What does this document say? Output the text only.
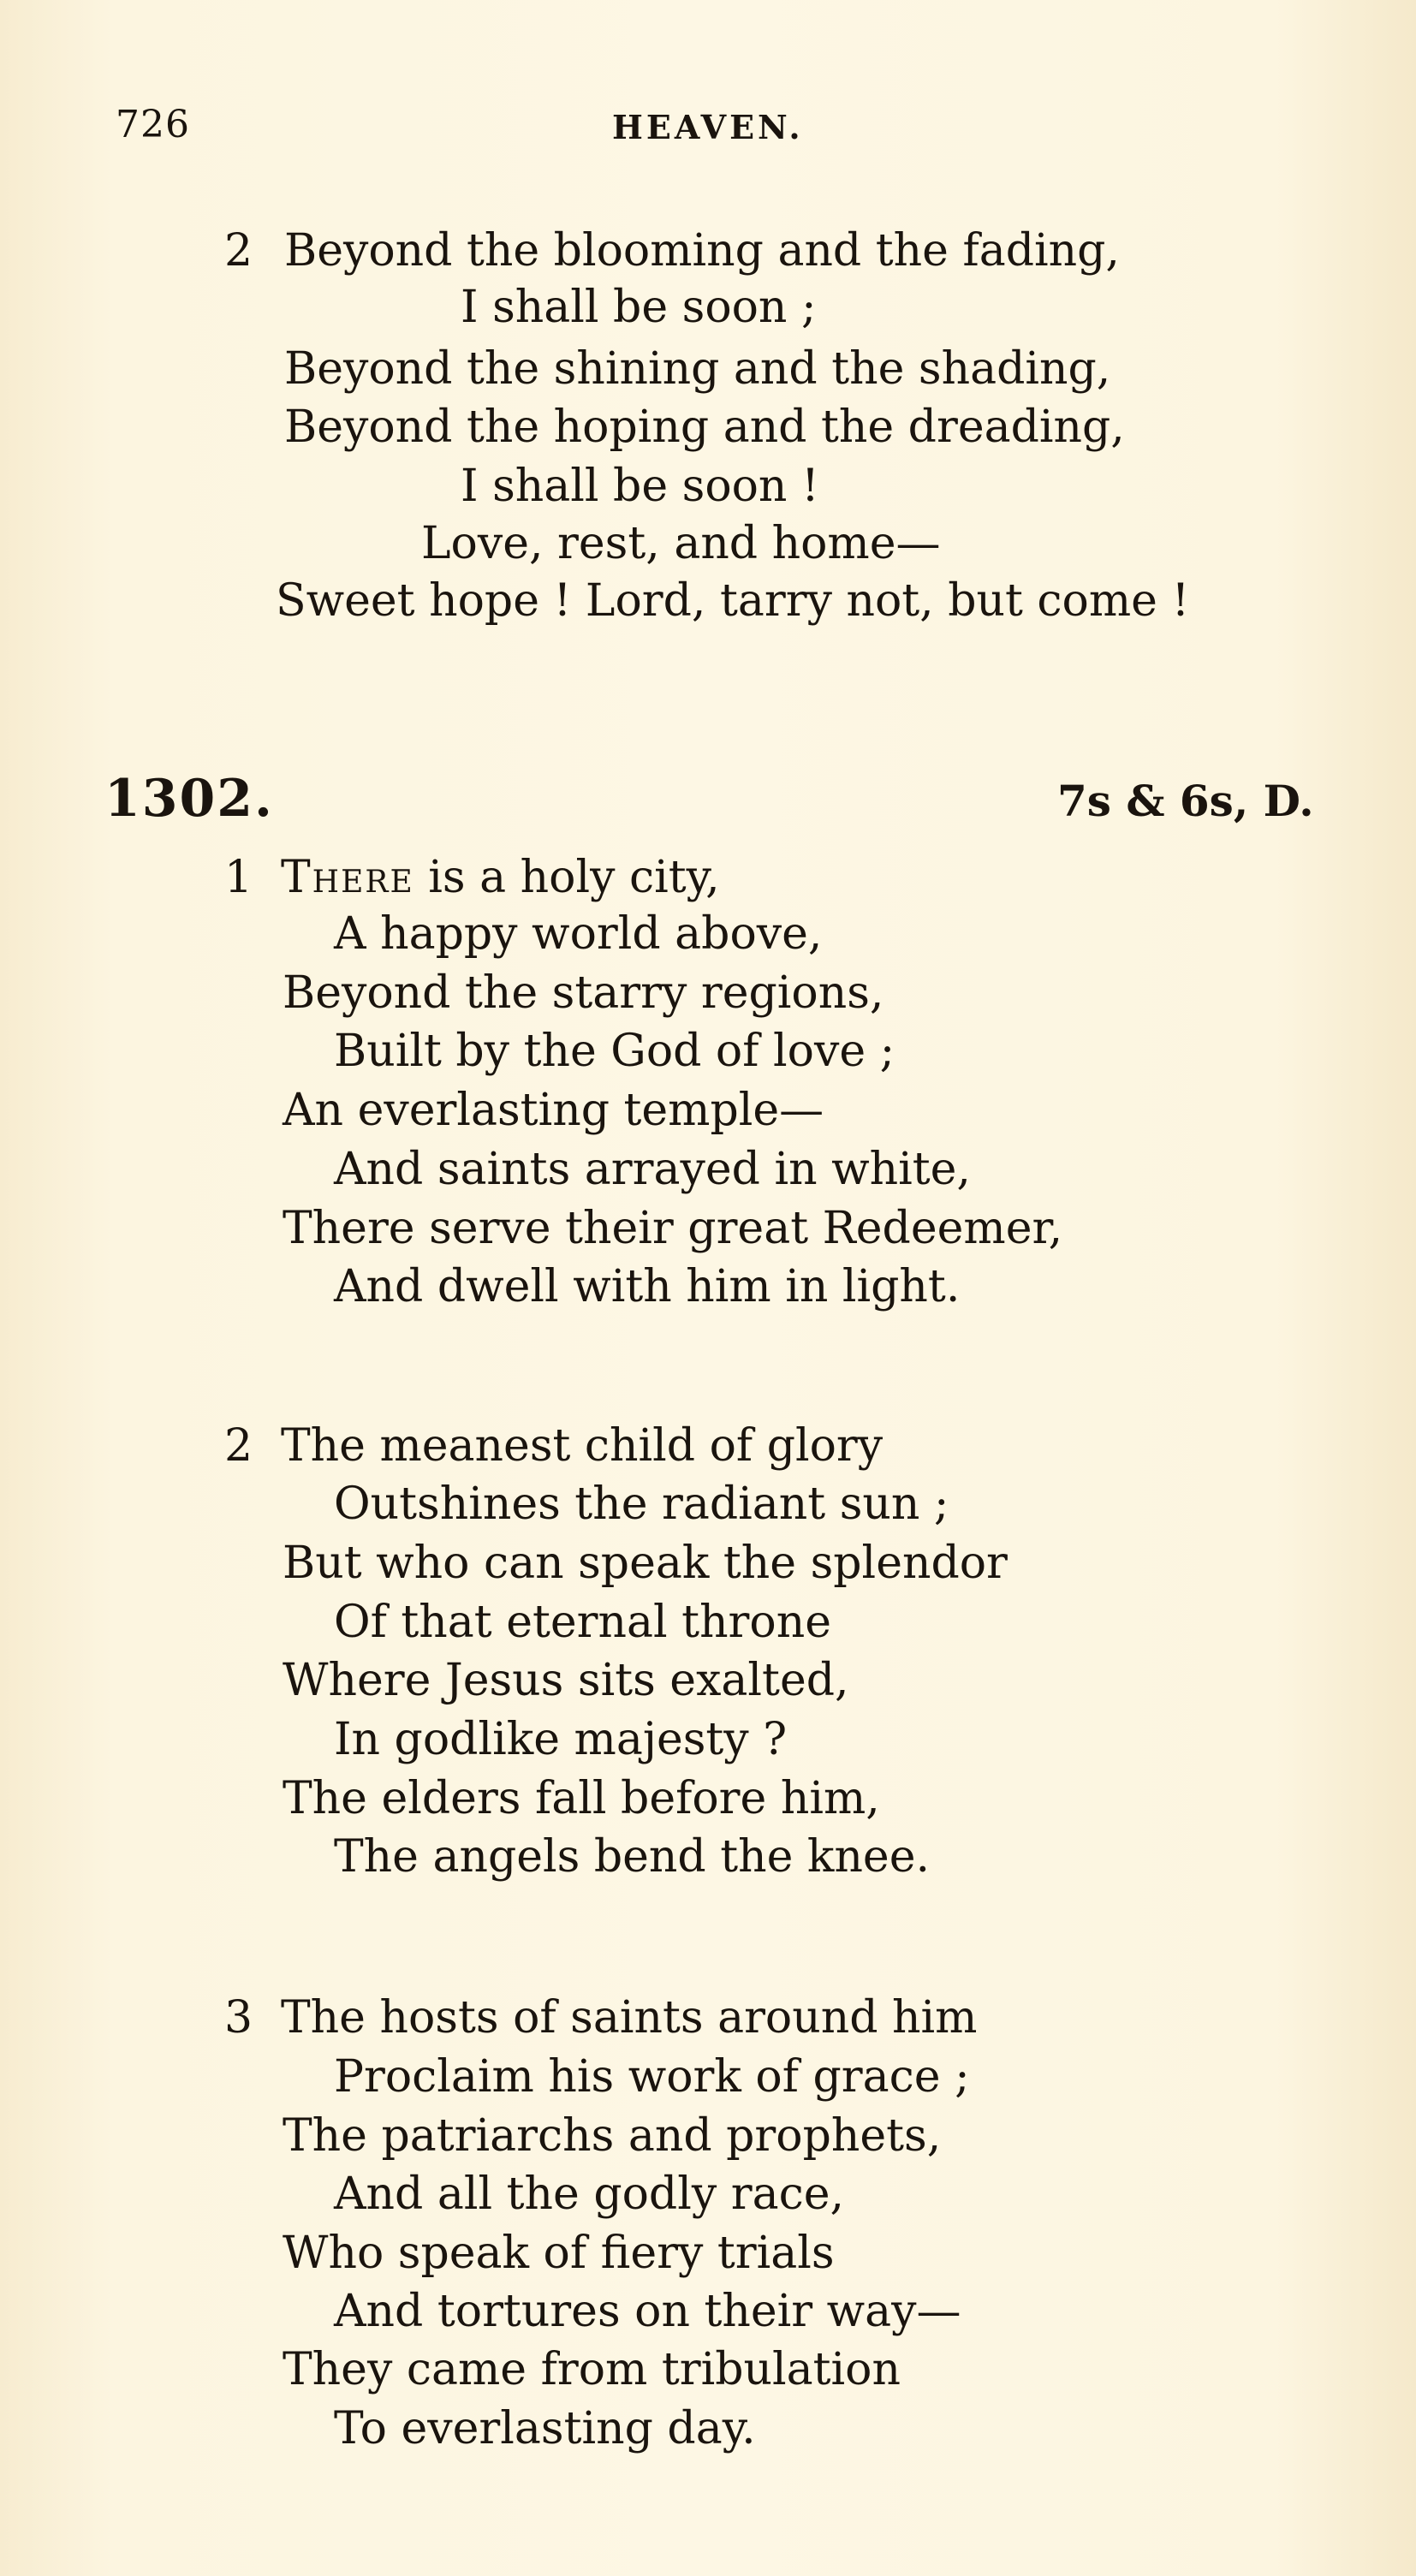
726	HEAVEN.
2 Beyond the blooming and the fading,
I shall be soon ;
Beyond the shining and the shading,
Beyond the hoping and the dreading,
I shall be soon !
Love, rest, and home—
Sweet hope ! Lord, tarry not, but come !
1302.	7s & 6s, D.
1 There is a holy city,
A happy world above,
Beyond the starry regions,
Built by the God of love ;
An everlasting temple—
And saints arrayed in white,
There serve their great Redeemer,
And dwell with him in light.
2 The meanest child of glory
Outshines the radiant sun ;
But who can speak the splendor
Of that eternal throne
Where Jesus sits exalted,
In godlike majesty ?
The elders fall before him,
The angels bend the knee.
3 The hosts of saints around him
Proclaim his work of grace ;
The patriarchs and prophets,
And all the godly race,
Who speak of fiery trials
And tortures on their way—
They came from tribulation
To everlasting day.
